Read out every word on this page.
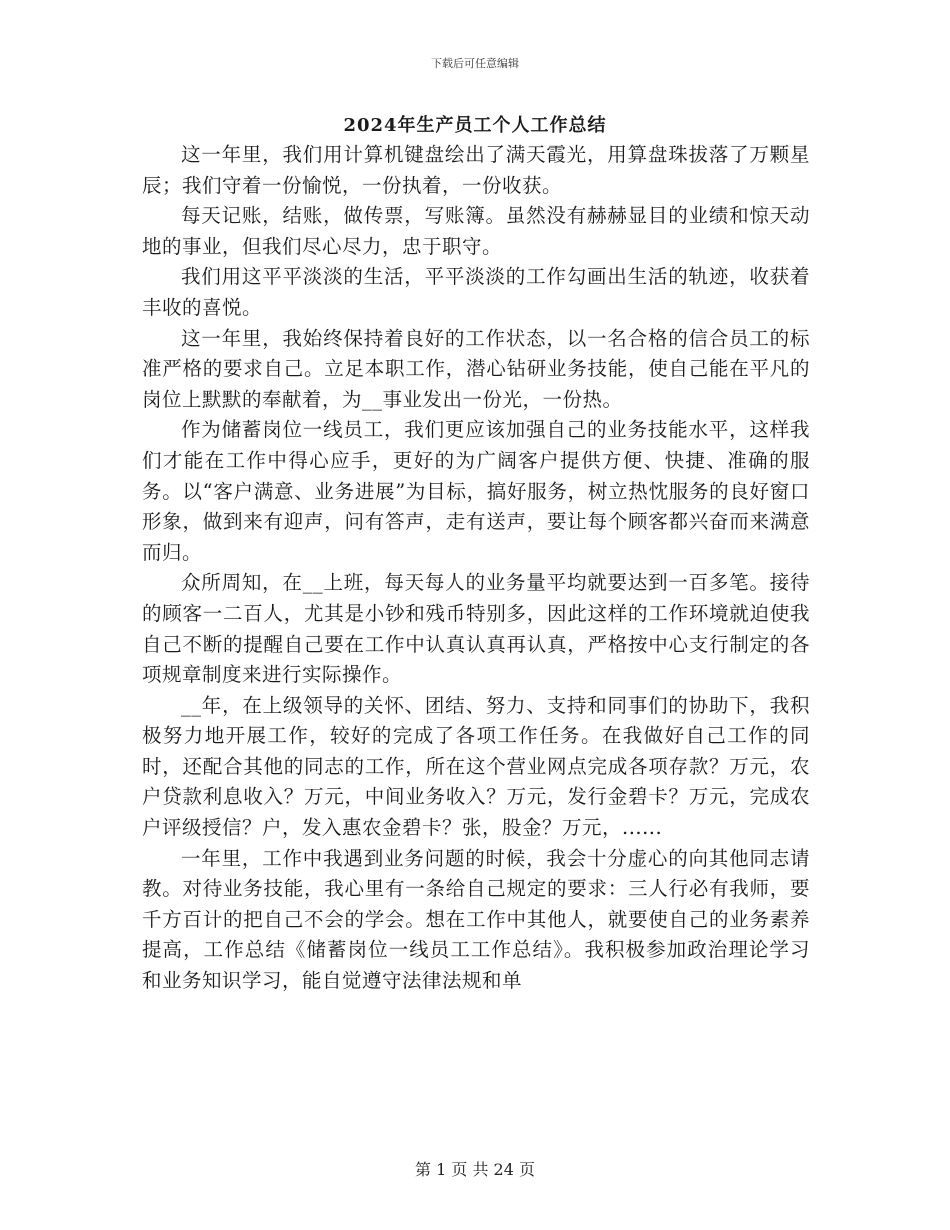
下载后可任意编辑
2024年生产员工个人工作总结

这一年里，我们用计算机键盘绘出了满天霞光，用算盘珠拔落了万颗星辰；我们守着一份愉悦，一份执着，一份收获。

每天记账，结账，做传票，写账簿。虽然没有赫赫显目的业绩和惊天动地的事业，但我们尽心尽力，忠于职守。

我们用这平平淡淡的生活，平平淡淡的工作勾画出生活的轨迹，收获着丰收的喜悦。

这一年里，我始终保持着良好的工作状态，以一名合格的信合员工的标准严格的要求自己。立足本职工作，潜心钻研业务技能，使自己能在平凡的岗位上默默的奉献着，为__事业发出一份光，一份热。

作为储蓄岗位一线员工，我们更应该加强自己的业务技能水平，这样我们才能在工作中得心应手，更好的为广阔客户提供方便、快捷、准确的服务。以“客户满意、业务进展”为目标，搞好服务，树立热忱服务的良好窗口形象，做到来有迎声，问有答声，走有送声，要让每个顾客都兴奋而来满意而归。

众所周知，在__上班，每天每人的业务量平均就要达到一百多笔。接待的顾客一二百人，尤其是小钞和残币特别多，因此这样的工作环境就迫使我自己不断的提醒自己要在工作中认真认真再认真，严格按中心支行制定的各项规章制度来进行实际操作。

__年，在上级领导的关怀、团结、努力、支持和同事们的协助下，我积极努力地开展工作，较好的完成了各项工作任务。在我做好自己工作的同时，还配合其他的同志的工作，所在这个营业网点完成各项存款？万元，农户贷款利息收入？万元，中间业务收入？万元，发行金碧卡？万元，完成农户评级授信？户，发入惠农金碧卡？张，股金？万元，......

一年里，工作中我遇到业务问题的时候，我会十分虚心的向其他同志请教。对待业务技能，我心里有一条给自己规定的要求：三人行必有我师，要千方百计的把自己不会的学会。想在工作中其他人，就要使自己的业务素养提高，工作总结《储蓄岗位一线员工工作总结》。我积极参加政治理论学习和业务知识学习，能自觉遵守法律法规和单

第 1 页 共 24 页
